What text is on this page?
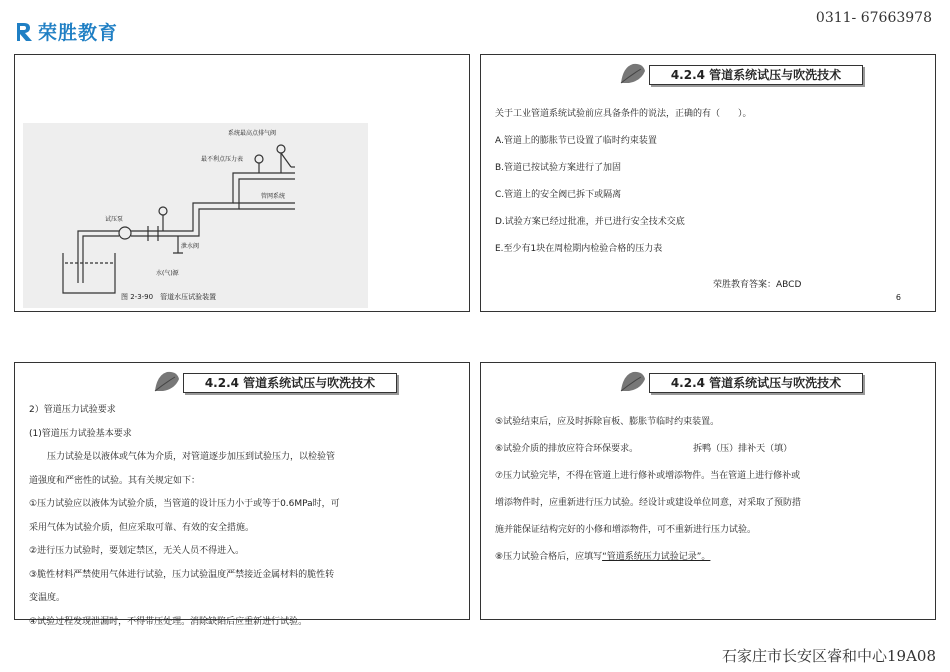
荣胜教育
0311- 67663978
系统最高点排气阀
最不利点压力表
试压泵
管网系统
泄水阀
水(气)源
图 2-3-90　管道水压试验装置
4.2.4 管道系统试压与吹洗技术

关于工业管道系统试验前应具备条件的说法，正确的有（　　）。

A.管道上的膨胀节已设置了临时约束装置

B.管道已按试验方案进行了加固

C.管道上的安全阀已拆下或隔离

D.试验方案已经过批准，并已进行安全技术交底

E.至少有1块在周检期内检验合格的压力表

荣胜教育答案：ABCD
6
4.2.4 管道系统试压与吹洗技术

2）管道压力试验要求

(1)管道压力试验基本要求

压力试验是以液体或气体为介质，对管道逐步加压到试验压力，以检验管

道强度和严密性的试验。其有关规定如下：

①压力试验应以液体为试验介质，当管道的设计压力小于或等于0.6MPa时，可

采用气体为试验介质，但应采取可靠、有效的安全措施。

②进行压力试验时，要划定禁区，无关人员不得进入。

③脆性材料严禁使用气体进行试验，压力试验温度严禁接近金属材料的脆性转

变温度。

④试验过程发现泄漏时，不得带压处理。消除缺陷后应重新进行试验。

4.2.4 管道系统试压与吹洗技术

⑤试验结束后，应及时拆除盲板、膨胀节临时约束装置。

⑥试验介质的排放应符合环保要求。	拆鸭（压）排补天（填）

⑦压力试验完毕，不得在管道上进行修补或增添物件。当在管道上进行修补或

增添物件时，应重新进行压力试验。经设计或建设单位同意，对采取了预防措

施并能保证结构完好的小修和增添物件，可不重新进行压力试验。

⑧压力试验合格后，应填写“管道系统压力试验记录”。

石家庄市长安区睿和中心19A08
